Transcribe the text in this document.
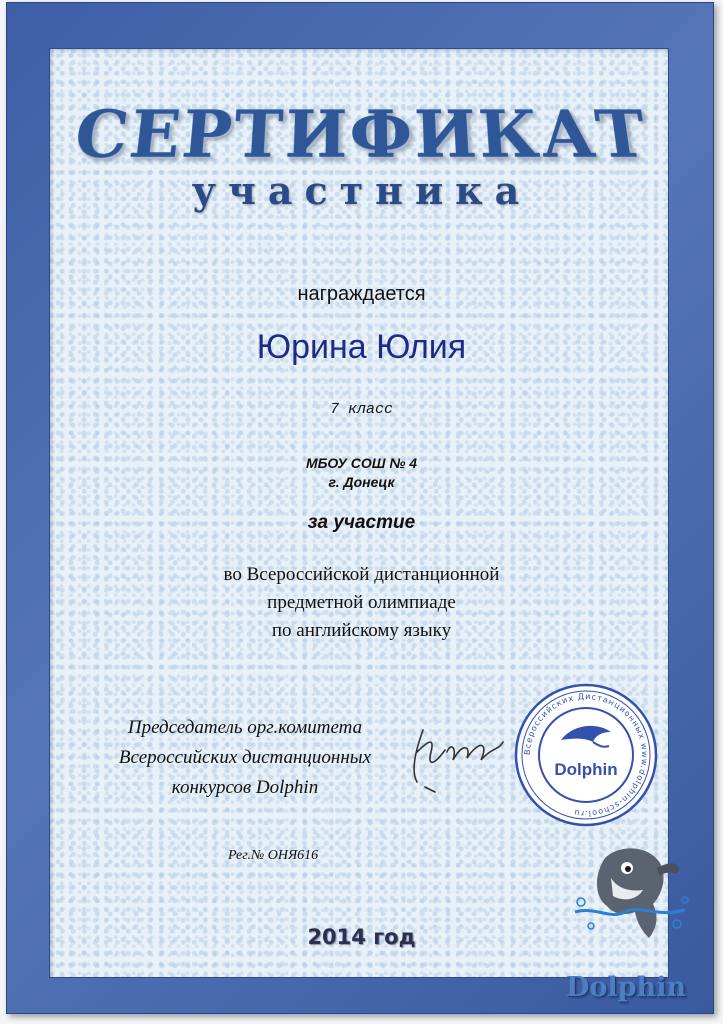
СЕРТИФИКАТ
участника
награждается
Юрина Юлия
7 класс
МБОУ СОШ № 4
г. Донецк
за участие
во Всероссийской дистанционной
предметной олимпиаде
по английскому языку
Председатель орг.комитета
Всероссийских дистанционных
конкурсов Dolphin
Всероссийских Дистанционных www.dolphin-school.ru
Dolphin
Рег.№ ОНЯ616
2014 год
Dolphin
